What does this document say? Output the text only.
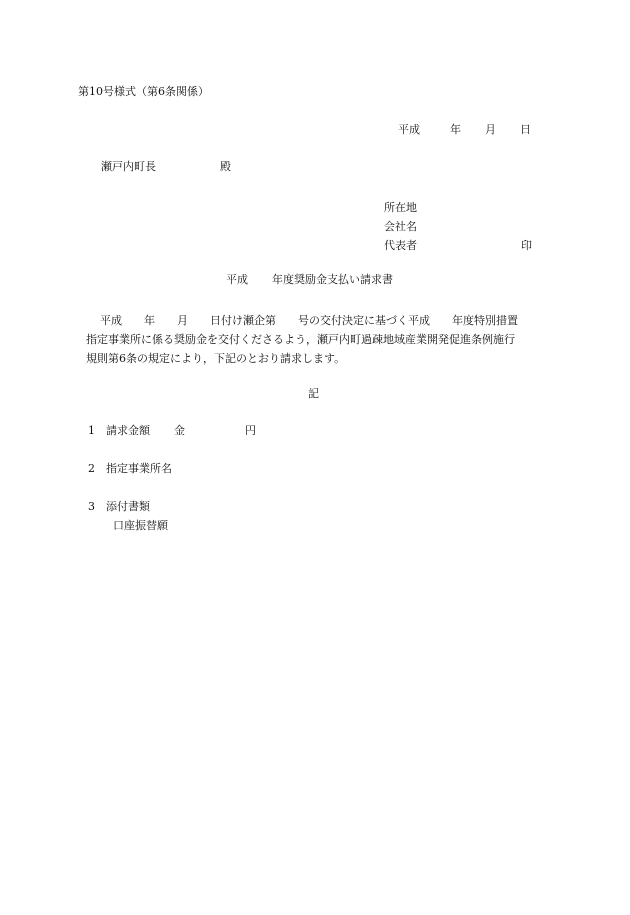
第10号様式（第6条関係）
平成	年 月 日
瀬戸内町長	殿
所在地
会社名
代表者	印
平成 年度奨励金支払い請求書
平成 年 月 日付け瀬企第 号の交付決定に基づく平成 年度特別措置
指定事業所に係る奨励金を交付くださるよう，瀬戸内町過疎地域産業開発促進条例施行
規則第6条の規定により，下記のとおり請求します。
記
1 請求金額 金	円
2 指定事業所名
3 添付書類
口座振替願
